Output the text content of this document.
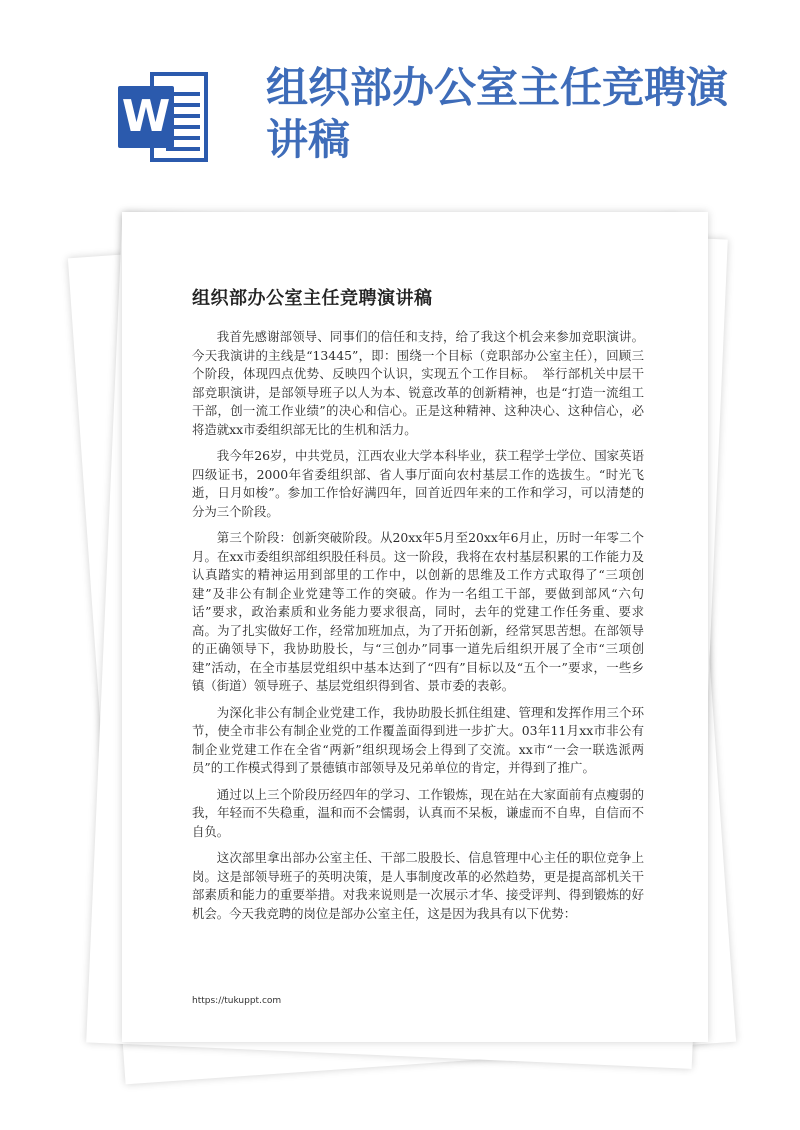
W
组织部办公室主任竞聘演讲稿
组织部办公室主任竞聘演讲稿

我首先感谢部领导、同事们的信任和支持，给了我这个机会来参加竞职演讲。今天我演讲的主线是“13445”，即：围绕一个目标（竞职部办公室主任），回顾三个阶段，体现四点优势、反映四个认识，实现五个工作目标。　举行部机关中层干部竞职演讲，是部领导班子以人为本、锐意改革的创新精神，也是“打造一流组工干部，创一流工作业绩”的决心和信心。正是这种精神、这种决心、这种信心，必将造就xx市委组织部无比的生机和活力。

我今年26岁，中共党员，江西农业大学本科毕业，获工程学士学位、国家英语四级证书，2000年省委组织部、省人事厅面向农村基层工作的选拔生。“时光飞逝，日月如梭”。参加工作恰好满四年，回首近四年来的工作和学习，可以清楚的分为三个阶段。

第三个阶段：创新突破阶段。从20xx年5月至20xx年6月止，历时一年零二个月。在xx市委组织部组织股任科员。这一阶段，我将在农村基层积累的工作能力及认真踏实的精神运用到部里的工作中，以创新的思维及工作方式取得了“三项创建”及非公有制企业党建等工作的突破。作为一名组工干部，要做到部风“六句话”要求，政治素质和业务能力要求很高，同时，去年的党建工作任务重、要求高。为了扎实做好工作，经常加班加点，为了开拓创新，经常冥思苦想。在部领导的正确领导下，我协助股长，与“三创办”同事一道先后组织开展了全市“三项创建”活动，在全市基层党组织中基本达到了“四有”目标以及“五个一”要求，一些乡镇（街道）领导班子、基层党组织得到省、景市委的表彰。

为深化非公有制企业党建工作，我协助股长抓住组建、管理和发挥作用三个环节，使全市非公有制企业党的工作覆盖面得到进一步扩大。03年11月xx市非公有制企业党建工作在全省“两新”组织现场会上得到了交流。xx市“一会一联选派两员”的工作模式得到了景德镇市部领导及兄弟单位的肯定，并得到了推广。

通过以上三个阶段历经四年的学习、工作锻炼，现在站在大家面前有点瘦弱的我，年轻而不失稳重，温和而不会懦弱，认真而不呆板，谦虚而不自卑，自信而不自负。

这次部里拿出部办公室主任、干部二股股长、信息管理中心主任的职位竞争上岗。这是部领导班子的英明决策，是人事制度改革的必然趋势，更是提高部机关干部素质和能力的重要举措。对我来说则是一次展示才华、接受评判、得到锻炼的好机会。今天我竞聘的岗位是部办公室主任，这是因为我具有以下优势：

https://tukuppt.com
